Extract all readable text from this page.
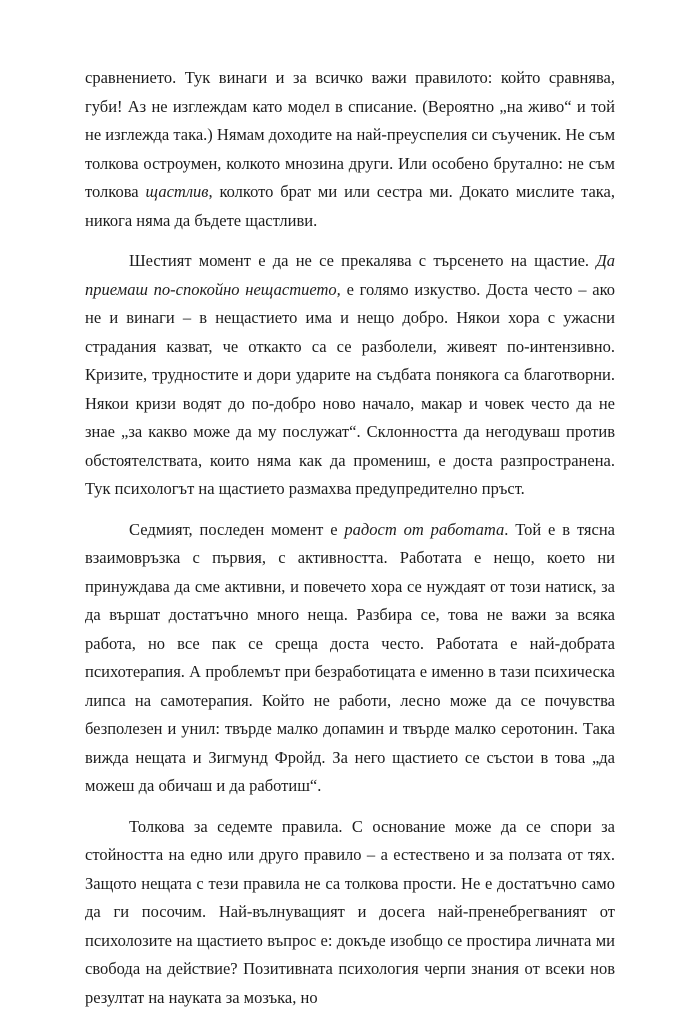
сравнението. Тук винаги и за всичко важи правилото: който сравнява, губи! Аз не изглеждам като модел в списание. (Вероятно „на живо“ и той не изглежда така.) Нямам доходите на най-преуспелия си съученик. Не съм толкова остроумен, колкото мнозина други. Или особено брутално: не съм толкова щастлив, колкото брат ми или сестра ми. Докато мислите така, никога няма да бъдете щастливи.

Шестият момент е да не се прекалява с търсенето на щастие. Да приемаш по-спокойно нещастието, е голямо изкуство. Доста често – ако не и винаги – в нещастието има и нещо добро. Някои хора с ужасни страдания казват, че откакто са се разболели, живеят по-интензивно. Кризите, трудностите и дори ударите на съдбата понякога са благотворни. Някои кризи водят до по-добро ново начало, макар и човек често да не знае „за какво може да му послужат“. Склонността да негодуваш против обстоятелствата, които няма как да промениш, е доста разпространена. Тук психологът на щастието размахва предупредително пръст.

Седмият, последен момент е радост от работата. Той е в тясна взаимовръзка с първия, с активността. Работата е нещо, което ни принуждава да сме активни, и повечето хора се нуждаят от този натиск, за да вършат достатъчно много неща. Разбира се, това не важи за всяка работа, но все пак се среща доста често. Работата е най-добрата психотерапия. А проблемът при безработицата е именно в тази психическа липса на самотерапия. Който не работи, лесно може да се почувства безполезен и унил: твърде малко допамин и твърде малко серотонин. Така вижда нещата и Зигмунд Фройд. За него щастието се състои в това „да можеш да обичаш и да работиш“.

Толкова за седемте правила. С основание може да се спори за стойността на едно или друго правило – а естествено и за ползата от тях. Защото нещата с тези правила не са толкова прости. Не е достатъчно само да ги посочим. Най-вълнуващият и досега най-пренебрегваният от психолозите на щастието въпрос е: докъде изобщо се простира личната ми свобода на действие? Позитивната психология черпи знания от всеки нов резултат на науката за мозъка, но
